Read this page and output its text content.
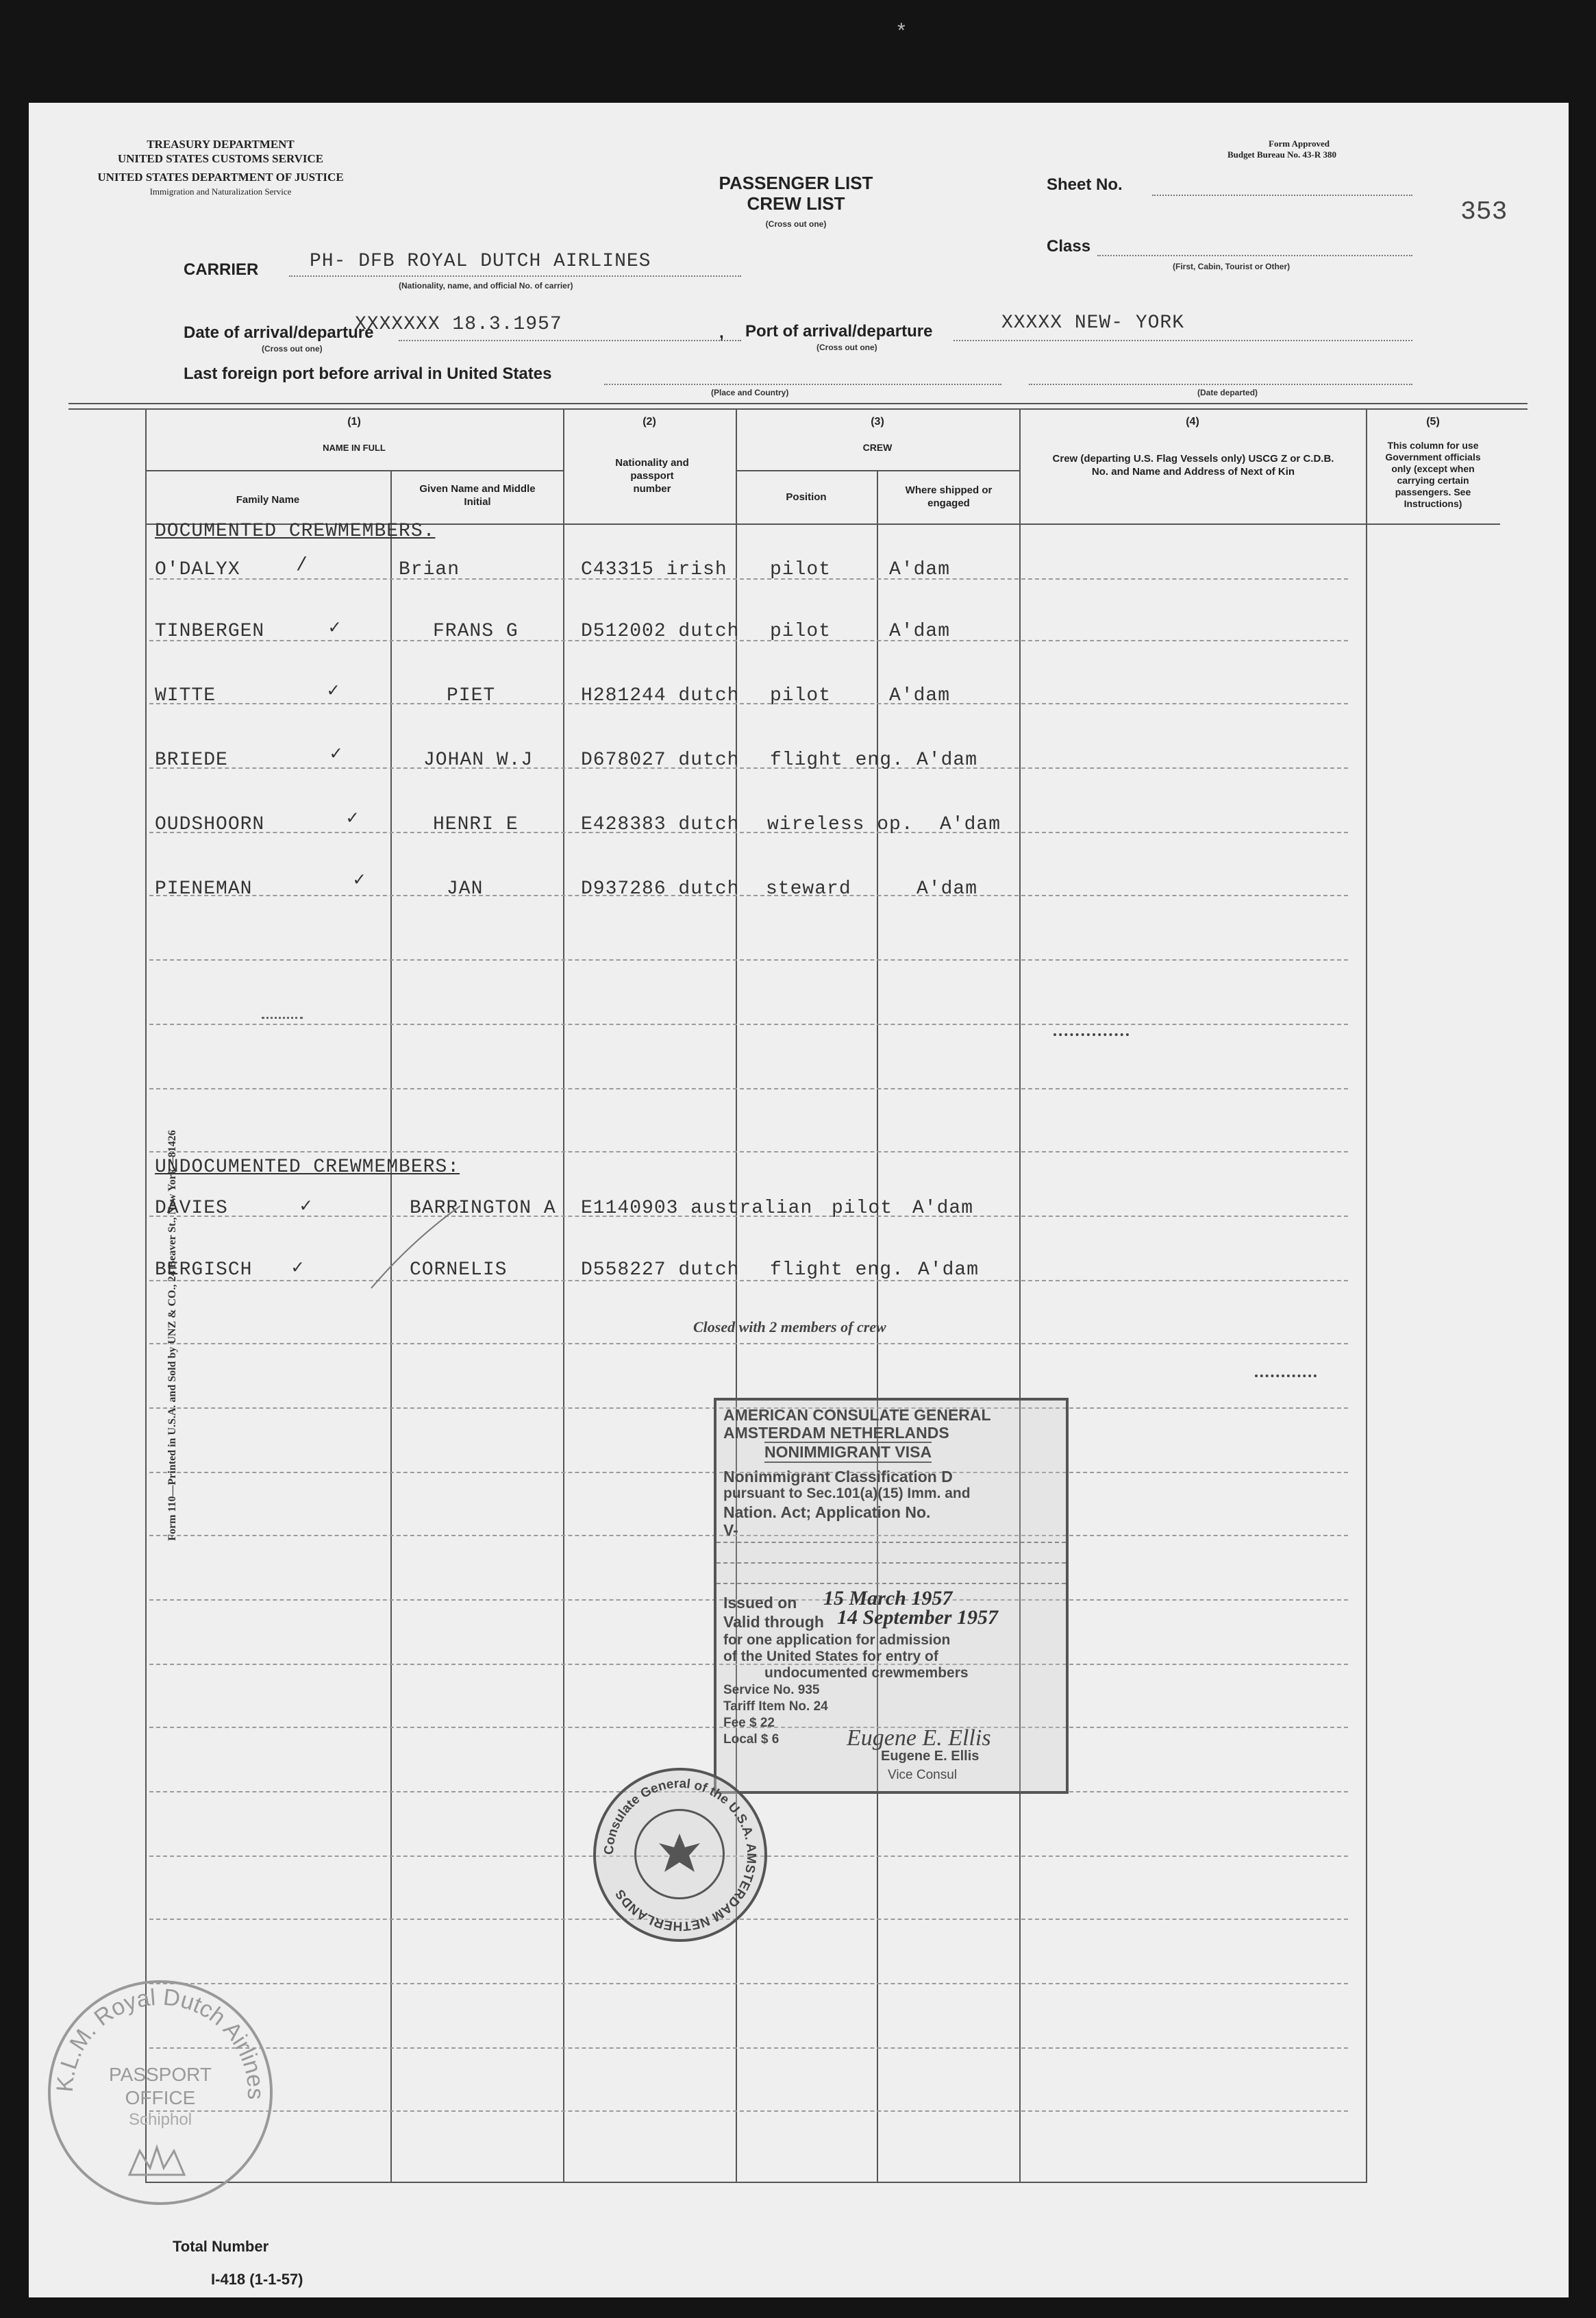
*
TREASURY DEPARTMENT
UNITED STATES CUSTOMS SERVICE
UNITED STATES DEPARTMENT OF JUSTICE
Immigration and Naturalization Service
Form Approved
Budget Bureau No. 43-R 380
PASSENGER LIST
CREW LIST
(Cross out one)
Sheet No.
353
Class
(First, Cabin, Tourist or Other)
CARRIER	PH- DFB ROYAL DUTCH AIRLINES
(Nationality, name, and official No. of carrier)
Date of arrival/departure
XXXXXXX 18.3.1957
(Cross out one)
, Port of arrival/departure	XXXXX NEW- YORK
(Cross out one)
Last foreign port before arrival in United States
(Place and Country)	(Date departed)
(1)
NAME IN FULL
Family Name
Given Name and Middle Initial
(2)
Nationality and passport number
(3)
CREW
Position
Where shipped or engaged
(4)
Crew (departing U.S. Flag Vessels only) USCG Z or C.D.B. No. and Name and Address of Next of Kin
(5)
This column for use Government officials only (except when carrying certain passengers. See Instructions)
DOCUMENTED CREWMEMBERS.
O'DALYX	/	Brian	C43315 irish pilot	A'dam
TINBERGEN	✓	FRANS G	D512002 dutch pilot	A'dam
WITTE	✓	PIET	H281244 dutch pilot	A'dam
BRIEDE	✓	JOHAN W.J D678027 dutch flight eng. A'dam
OUDSHOORN	✓	HENRI E	E428383 dutch wireless op. A'dam
PIENEMAN	✓	JAN	D937286 dutch steward	A'dam
UNDOCUMENTED CREWMEMBERS:
DAVIES	✓	BARRINGTON A E1140903 australian pilot A'dam
BERGISCH ✓	CORNELIS	D558227 dutch flight eng. A'dam
Closed with 2 members of crew
AMERICAN CONSULATE GENERAL
AMSTERDAM NETHERLANDS
NONIMMIGRANT VISA
Nonimmigrant Classification D
pursuant to Sec.101(a)(15) Imm. and
Nation. Act; Application No.
V-
Issued on 15 March 1957
Valid through 14 September 1957
for one application for admission
of the United States for entry of
undocumented crewmembers
Service No. 935
Tariff Item No. 24
Fee $ 22
Local $ 6	Eugene E. Ellis
Eugene E. Ellis
Vice Consul
Consulate General of the U.S.A. AMSTERDAM NETHERLANDS
K.L.M. Royal Dutch Airlines
PASSPORT
OFFICE
Schiphol
Form 110—Printed in U.S.A. and Sold by UNZ & CO., 24 Beaver St., New York—81426
Total Number
I-418 (1-1-57)
